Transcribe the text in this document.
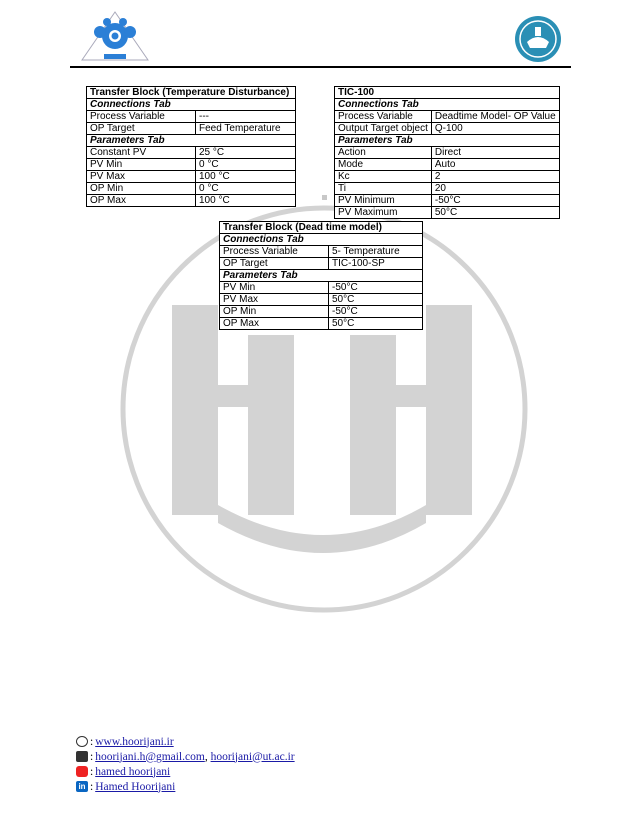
Transfer Block (Temperature Disturbance)	
Connections Tab	
Process Variable	---
OP Target	Feed Temperature
Parameters Tab	
Constant PV	25 °C
PV Min	0 °C
PV Max	100 °C
OP Min	0 °C
OP Max	100 °C
TIC-100	
Connections Tab	
Process Variable	Deadtime Model- OP Value
Output Target object	Q-100
Parameters Tab	
Action	Direct
Mode	Auto
Kc	2
Ti	20
PV Minimum	-50°C
PV Maximum	50°C
Transfer Block (Dead time model)	
Connections Tab	
Process Variable	5- Temperature
OP Target	TIC-100-SP
Parameters Tab	
PV Min	-50°C
PV Max	50°C
OP Min	-50°C
OP Max	50°C
: www.hoorijani.ir
: hoorijani.h@gmail.com , hoorijani@ut.ac.ir
: hamed hoorijani
in : Hamed Hoorijani
